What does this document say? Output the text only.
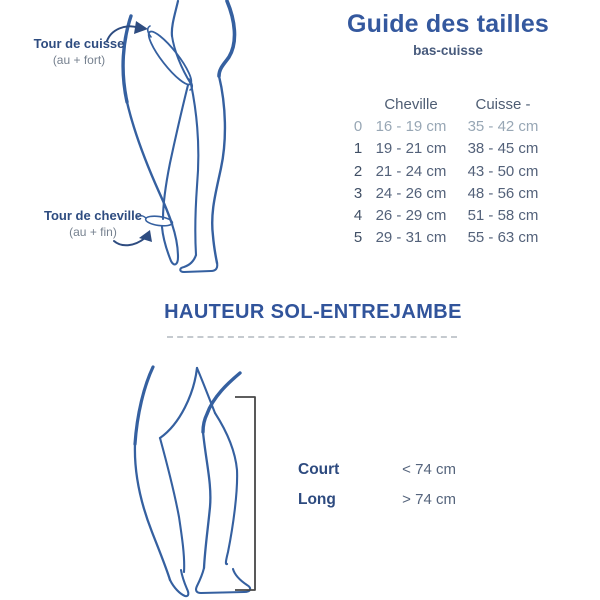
Tour de cuisse
(au + fort)
Tour de cheville
(au + fin)
Guide des tailles
bas-cuisse
Cheville	Cuisse -
0 16 - 19 cm	35 - 42 cm
1 19 - 21 cm	38 - 45 cm
2 21 - 24 cm	43 - 50 cm
3 24 - 26 cm	48 - 56 cm
4 26 - 29 cm	51 - 58 cm
5 29 - 31 cm	55 - 63 cm
HAUTEUR SOL-ENTREJAMBE
Court	< 74 cm
Long	> 74 cm
